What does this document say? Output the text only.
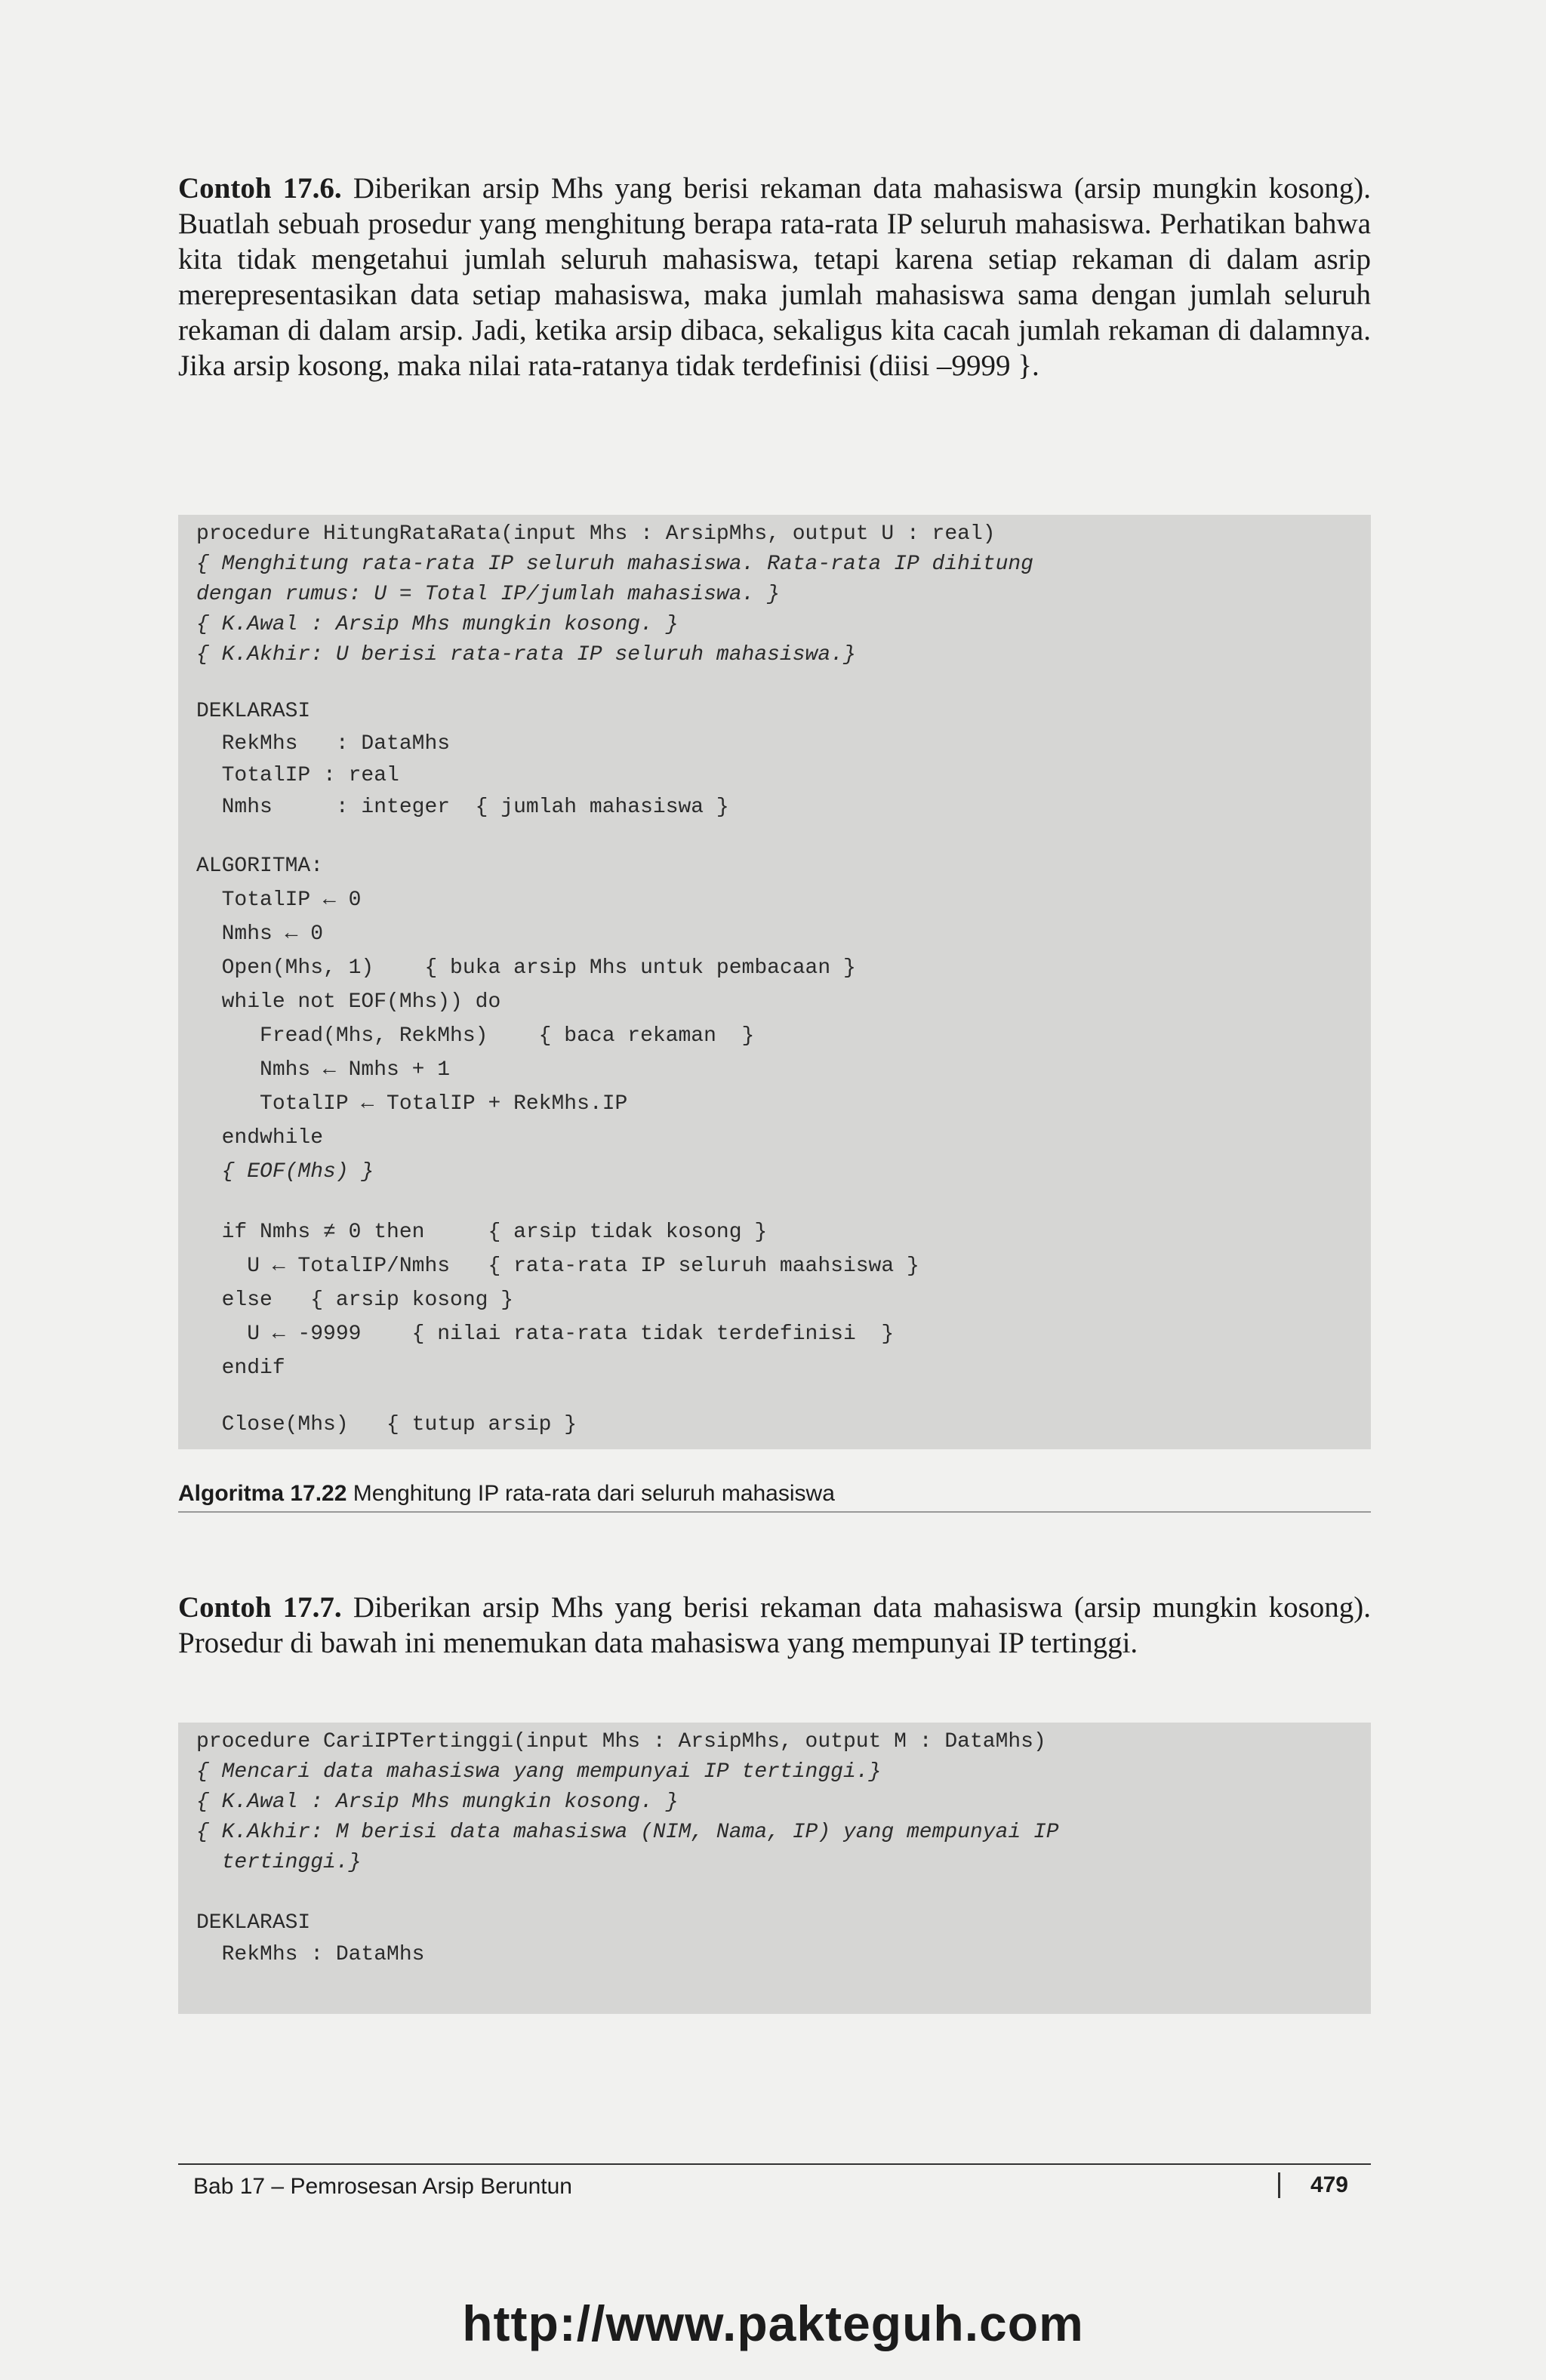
Contoh 17.6. Diberikan arsip Mhs yang berisi rekaman data mahasiswa (arsip mungkin kosong). Buatlah sebuah prosedur yang menghitung berapa rata-rata IP seluruh mahasiswa. Perhatikan bahwa kita tidak mengetahui jumlah seluruh mahasiswa, tetapi karena setiap rekaman di dalam asrip merepresentasikan data setiap mahasiswa, maka jumlah mahasiswa sama dengan jumlah seluruh rekaman di dalam arsip. Jadi, ketika arsip dibaca, sekaligus kita cacah jumlah rekaman di dalamnya. Jika arsip kosong, maka nilai rata-ratanya tidak terdefinisi (diisi –9999 }.
procedure HitungRataRata(input Mhs : ArsipMhs, output U : real)
{ Menghitung rata-rata IP seluruh mahasiswa. Rata-rata IP dihitung
dengan rumus: U = Total IP/jumlah mahasiswa. }
{ K.Awal : Arsip Mhs mungkin kosong. }
{ K.Akhir: U berisi rata-rata IP seluruh mahasiswa.}
DEKLARASI
RekMhs   : DataMhs
TotalIP : real
Nmhs     : integer  { jumlah mahasiswa }
ALGORITMA:
TotalIP ← 0
Nmhs ← 0
Open(Mhs, 1)    { buka arsip Mhs untuk pembacaan }
while not EOF(Mhs)) do
Fread(Mhs, RekMhs)    { baca rekaman  }
Nmhs ← Nmhs + 1
TotalIP ← TotalIP + RekMhs.IP
endwhile
{ EOF(Mhs) }
if Nmhs ≠ 0 then     { arsip tidak kosong }
U ← TotalIP/Nmhs   { rata-rata IP seluruh maahsiswa }
else   { arsip kosong }
U ← -9999    { nilai rata-rata tidak terdefinisi  }
endif
Close(Mhs)   { tutup arsip }
Algoritma 17.22 Menghitung IP rata-rata dari seluruh mahasiswa
Contoh 17.7. Diberikan arsip Mhs yang berisi rekaman data mahasiswa (arsip mungkin kosong). Prosedur di bawah ini menemukan data mahasiswa yang mempunyai IP tertinggi.
procedure CariIPTertinggi(input Mhs : ArsipMhs, output M : DataMhs)
{ Mencari data mahasiswa yang mempunyai IP tertinggi.}
{ K.Awal : Arsip Mhs mungkin kosong. }
{ K.Akhir: M berisi data mahasiswa (NIM, Nama, IP) yang mempunyai IP
tertinggi.}
DEKLARASI
RekMhs : DataMhs
Bab 17 – Pemrosesan Arsip Beruntun	479
http://www.pakteguh.com
